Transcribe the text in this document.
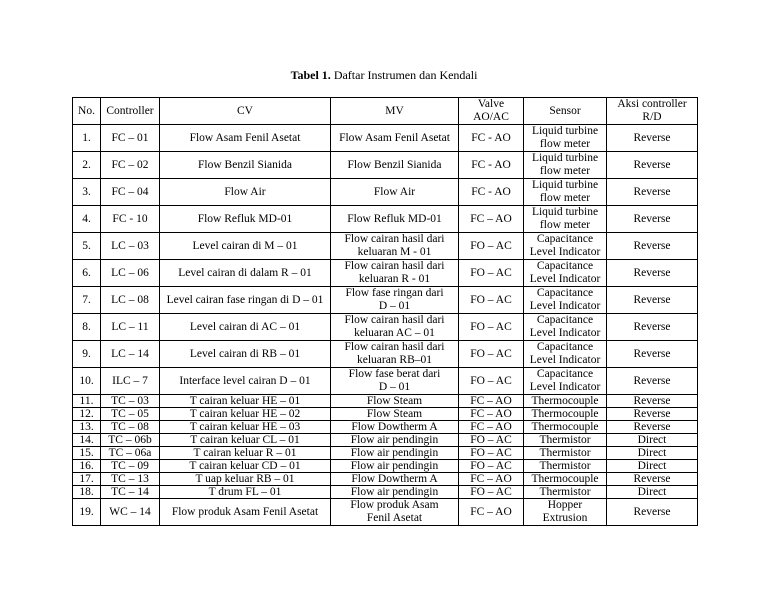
Tabel 1. Daftar Instrumen dan Kendali
No.	Controller	CV	MV	Valve
AO/AC	Sensor	Aksi controller
R/D
1.	FC – 01	Flow Asam Fenil Asetat	Flow Asam Fenil Asetat	FC - AO	Liquid turbine
flow meter	Reverse
2.	FC – 02	Flow Benzil Sianida	Flow Benzil Sianida	FC - AO	Liquid turbine
flow meter	Reverse
3.	FC – 04	Flow Air	Flow Air	FC - AO	Liquid turbine
flow meter	Reverse
4.	FC - 10	Flow Refluk MD-01	Flow Refluk MD-01	FC – AO	Liquid turbine
flow meter	Reverse
5.	LC – 03	Level cairan di M – 01	Flow cairan hasil dari
keluaran M - 01	FO – AC	Capacitance
Level Indicator	Reverse
6.	LC – 06	Level cairan di dalam R – 01	Flow cairan hasil dari
keluaran R - 01	FO – AC	Capacitance
Level Indicator	Reverse
7.	LC – 08	Level cairan fase ringan di D – 01	Flow fase ringan dari
D – 01	FO – AC	Capacitance
Level Indicator	Reverse
8.	LC – 11	Level cairan di AC – 01	Flow cairan hasil dari
keluaran AC – 01	FO – AC	Capacitance
Level Indicator	Reverse
9.	LC – 14	Level cairan di RB – 01	Flow cairan hasil dari
keluaran RB–01	FO – AC	Capacitance
Level Indicator	Reverse
10.	ILC – 7	Interface level cairan D – 01	Flow fase berat dari
D – 01	FO – AC	Capacitance
Level Indicator	Reverse
11.	TC – 03	T cairan keluar HE – 01	Flow Steam	FC – AO	Thermocouple	Reverse
12.	TC – 05	T cairan keluar HE – 02	Flow Steam	FC – AO	Thermocouple	Reverse
13.	TC – 08	T cairan keluar HE – 03	Flow Dowtherm A	FC – AO	Thermocouple	Reverse
14.	TC – 06b	T cairan keluar CL – 01	Flow air pendingin	FO – AC	Thermistor	Direct
15.	TC – 06a	T cairan keluar R – 01	Flow air pendingin	FO – AC	Thermistor	Direct
16.	TC – 09	T cairan keluar CD – 01	Flow air pendingin	FO – AC	Thermistor	Direct
17.	TC – 13	T uap keluar RB – 01	Flow Dowtherm A	FC – AO	Thermocouple	Reverse
18.	TC – 14	T drum FL – 01	Flow air pendingin	FO – AC	Thermistor	Direct
19.	WC – 14	Flow produk Asam Fenil Asetat	Flow produk Asam
Fenil Asetat	FC – AO	Hopper
Extrusion	Reverse
